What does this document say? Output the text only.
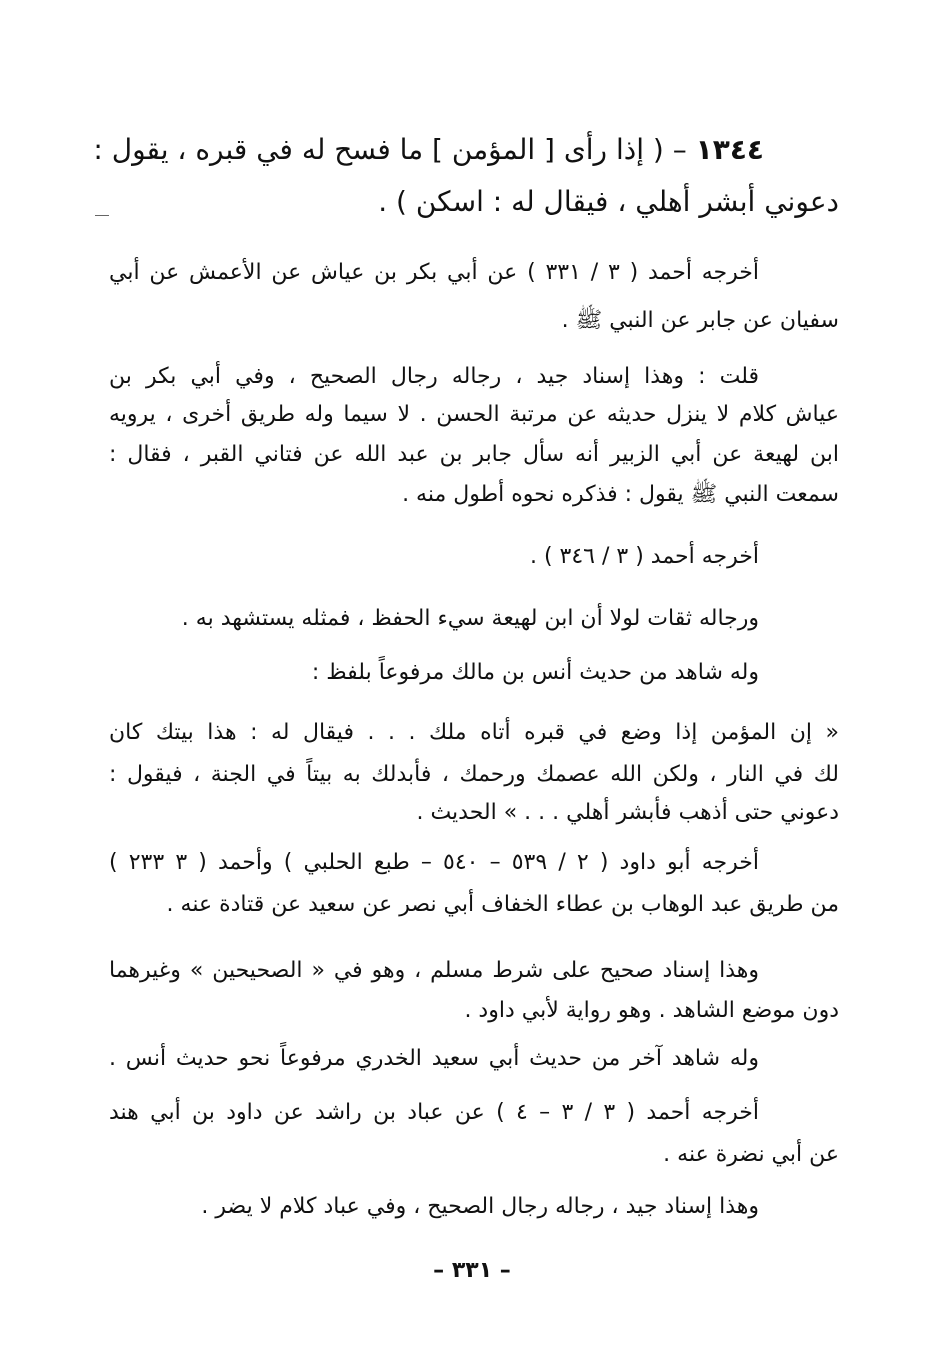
١٣٤٤ – ( إذا رأى [ المؤمن ] ما فسح له في قبره ، يقول :
دعوني أبشر أهلي ، فيقال له : اسكن ) .
أخرجه أحمد ( ٣ / ٣٣١ ) عن أبي بكر بن عياش عن الأعمش عن أبي
سفيان عن جابر عن النبي ﷺ .
قلت : وهذا إسناد جيد ، رجاله رجال الصحيح ، وفي أبي بكر بن
عياش كلام لا ينزل حديثه عن مرتبة الحسن . لا سيما وله طريق أخرى ، يرويه
ابن لهيعة عن أبي الزبير أنه سأل جابر بن عبد الله عن فتاني القبر ، فقال :
سمعت النبي ﷺ يقول : فذكره نحوه أطول منه .
أخرجه أحمد ( ٣ / ٣٤٦ ) .
ورجاله ثقات لولا أن ابن لهيعة سيء الحفظ ، فمثله يستشهد به .
وله شاهد من حديث أنس بن مالك مرفوعاً بلفظ :
« إن المؤمن إذا وضع في قبره أتاه ملك . . . فيقال له : هذا بيتك كان
لك في النار ، ولكن الله عصمك ورحمك ، فأبدلك به بيتاً في الجنة ، فيقول :
دعوني حتى أذهب فأبشر أهلي . . . » الحديث .
أخرجه أبو داود ( ٢ / ٥٣٩ – ٥٤٠ – طبع الحلبي ) وأحمد ( ٣ ٢٣٣ )
من طريق عبد الوهاب بن عطاء الخفاف أبي نصر عن سعيد عن قتادة عنه .
وهذا إسناد صحيح على شرط مسلم ، وهو في « الصحيحين » وغيرهما
دون موضع الشاهد . وهو رواية لأبي داود .
وله شاهد آخر من حديث أبي سعيد الخدري مرفوعاً نحو حديث أنس .
أخرجه أحمد ( ٣ / ٣ – ٤ ) عن عباد بن راشد عن داود بن أبي هند
عن أبي نضرة عنه .
وهذا إسناد جيد ، رجاله رجال الصحيح ، وفي عباد كلام لا يضر .
– ٣٣١ –
